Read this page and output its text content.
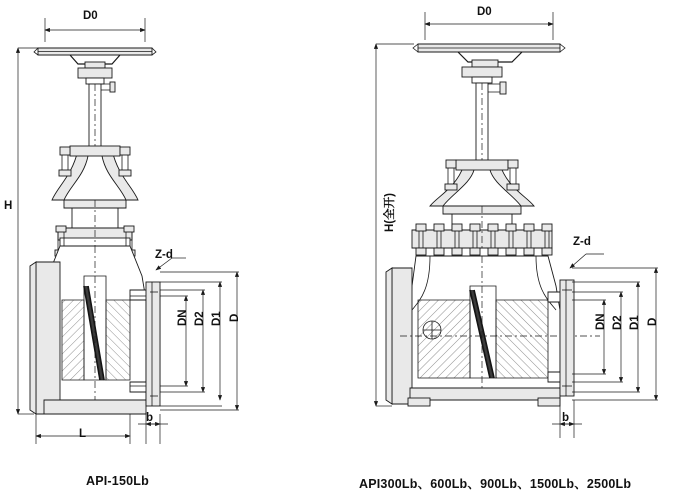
D0
H
Z-d
DN D2 D1 D
L
b
API-150Lb
D0
H(全开)
Z-d
DN D2 D1 D
b
API300Lb、600Lb、900Lb、1500Lb、2500Lb
